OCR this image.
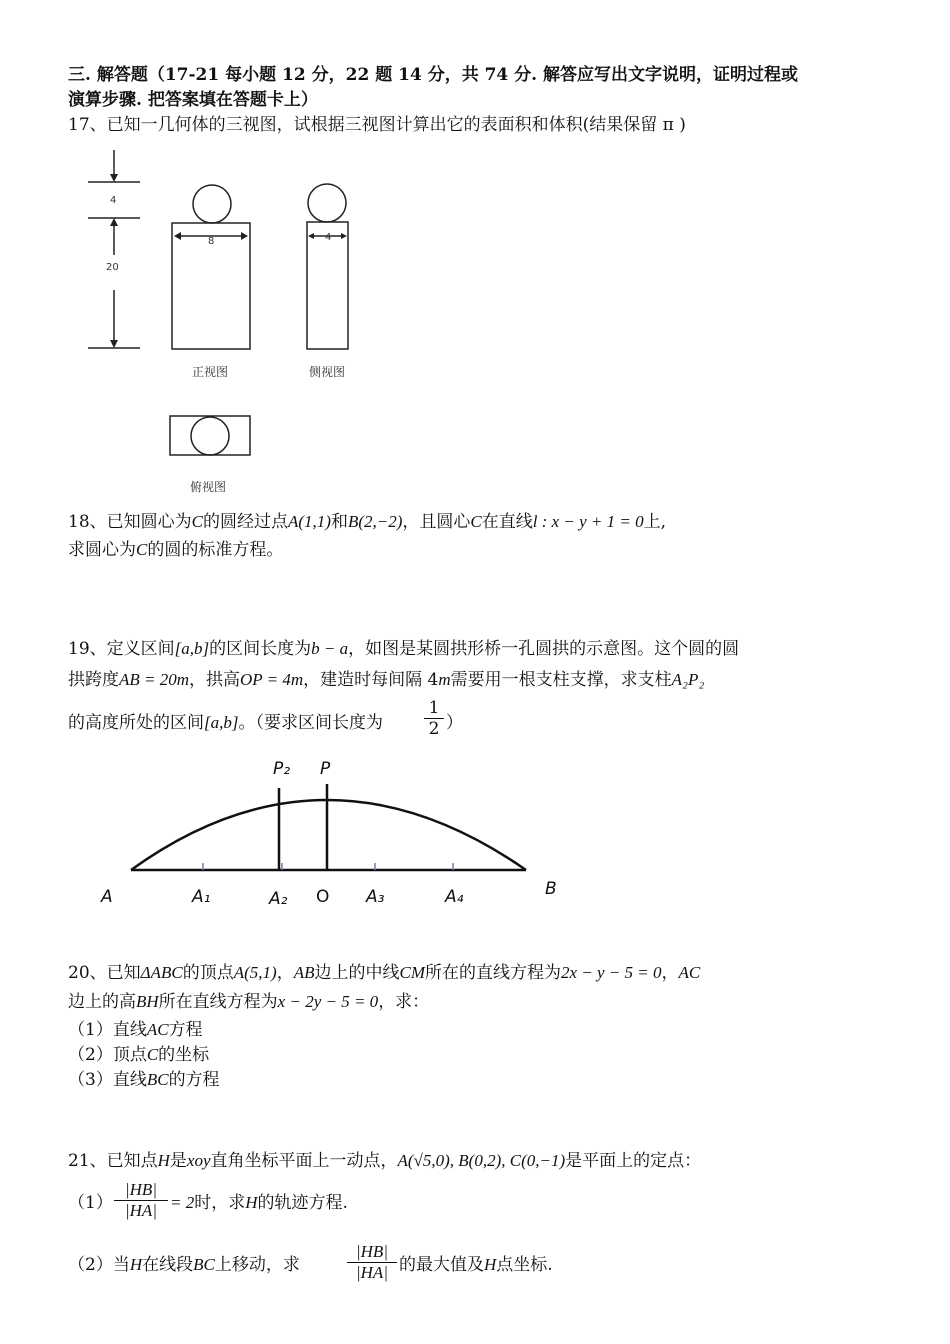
三. 解答题（17-21 每小题 12 分，22 题 14 分，共 74 分. 解答应写出文字说明，证明过程或
演算步骤. 把答案填在答题卡上）
17、已知一几何体的三视图，试根据三视图计算出它的表面积和体积(结果保留 π )
4
20
8	4
正视图	侧视图
俯视图
18、已知圆心为C的圆经过点A(1,1)和B(2,−2)，且圆心C在直线l : x − y + 1 = 0上,
求圆心为C的圆的标准方程。
19、定义区间[a,b]的区间长度为b − a，如图是某圆拱形桥一孔圆拱的示意图。这个圆的圆
拱跨度AB = 20m，拱高OP = 4m，建造时每间隔 4m需要用一根支柱支撑，求支柱A₂P₂
的高度所处的区间[a,b]。（要求区间长度为 $\frac{1}{2}$ ）
P₂ P
A	A₁	A₂	A₃	A₄	B
O
20、已知ΔABC的顶点A(5,1)，AB边上的中线CM所在的直线方程为2x − y − 5 = 0，AC
边上的高BH所在直线方程为x − 2y − 5 = 0，求：
（1）直线AC方程
（2）顶点C的坐标
（3）直线BC的方程
21、已知点H是xoy直角坐标平面上一动点，A(√5,0), B(0,2), C(0,−1)是平面上的定点：
$(1) \frac{|HB|}{|HA|} = 2$时，求H的轨迹方程.
（2）当H在线段BC上移动，求	$\frac{|HB|}{|HA|}$ 的最大值及H点坐标.
